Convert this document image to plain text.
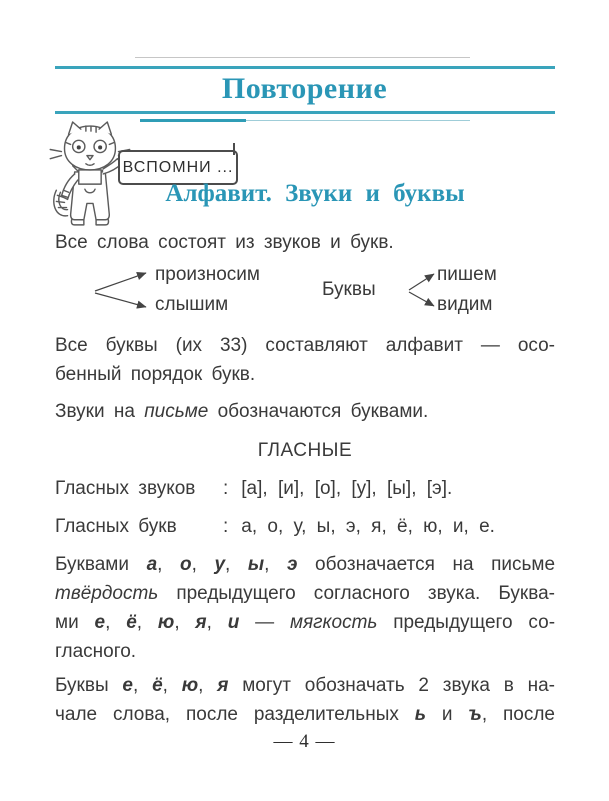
Повторение
ВСПОМНИ ...
Алфавит. Звуки и буквы
Все слова состоят из звуков и букв.
произносим
слышим
Буквы
пишем
видим
Все буквы (их 33) составляют алфавит — осо-
бенный порядок букв.
Звуки на письме обозначаются буквами.
ГЛАСНЫЕ
Гласных звуков	: [а], [и], [о], [у], [ы], [э].
Гласных букв	: а, о, у, ы, э, я, ё, ю, и, е.
Буквами а, о, у, ы, э обозначается на письме
твёрдость предыдущего согласного звука. Буква-
ми е, ё, ю, я, и — мягкость предыдущего со-
гласного.
Буквы е, ё, ю, я могут обозначать 2 звука в на-
чале слова, после разделительных ь и ъ, после
— 4 —
